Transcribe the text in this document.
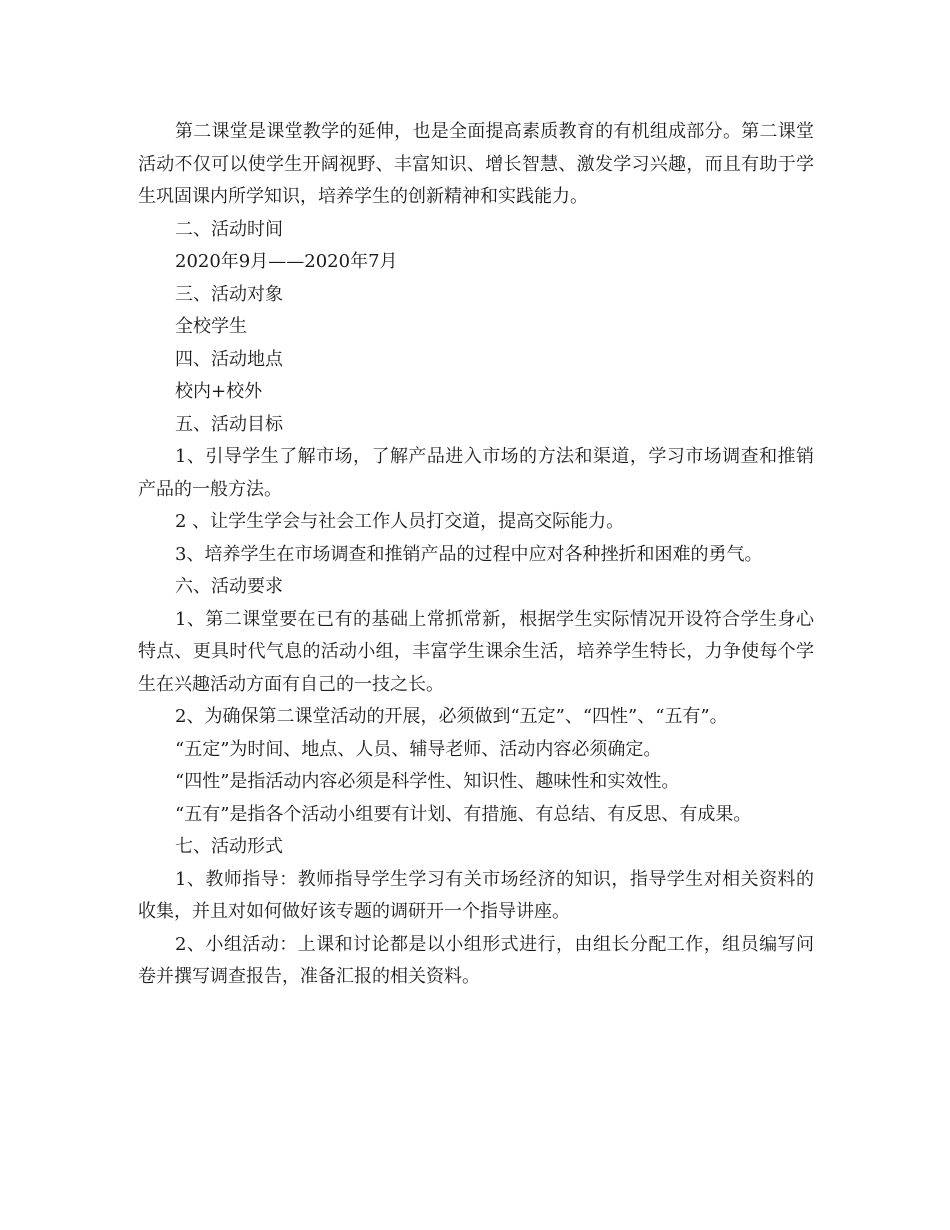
第二课堂是课堂教学的延伸，也是全面提高素质教育的有机组成部分。第二课堂活动不仅可以使学生开阔视野、丰富知识、增长智慧、激发学习兴趣，而且有助于学生巩固课内所学知识，培养学生的创新精神和实践能力。

二、活动时间

2020年9月——2020年7月

三、活动对象

全校学生

四、活动地点

校内+校外

五、活动目标

1、引导学生了解市场，了解产品进入市场的方法和渠道，学习市场调查和推销产品的一般方法。

2 、让学生学会与社会工作人员打交道，提高交际能力。

3、培养学生在市场调查和推销产品的过程中应对各种挫折和困难的勇气。

六、活动要求

1、第二课堂要在已有的基础上常抓常新，根据学生实际情况开设符合学生身心特点、更具时代气息的活动小组，丰富学生课余生活，培养学生特长，力争使每个学生在兴趣活动方面有自己的一技之长。

2、为确保第二课堂活动的开展，必须做到“五定”、“四性”、“五有”。

“五定”为时间、地点、人员、辅导老师、活动内容必须确定。

“四性”是指活动内容必须是科学性、知识性、趣味性和实效性。

“五有”是指各个活动小组要有计划、有措施、有总结、有反思、有成果。

七、活动形式

1、教师指导：教师指导学生学习有关市场经济的知识，指导学生对相关资料的收集，并且对如何做好该专题的调研开一个指导讲座。

2、小组活动：上课和讨论都是以小组形式进行，由组长分配工作，组员编写问卷并撰写调查报告，准备汇报的相关资料。
